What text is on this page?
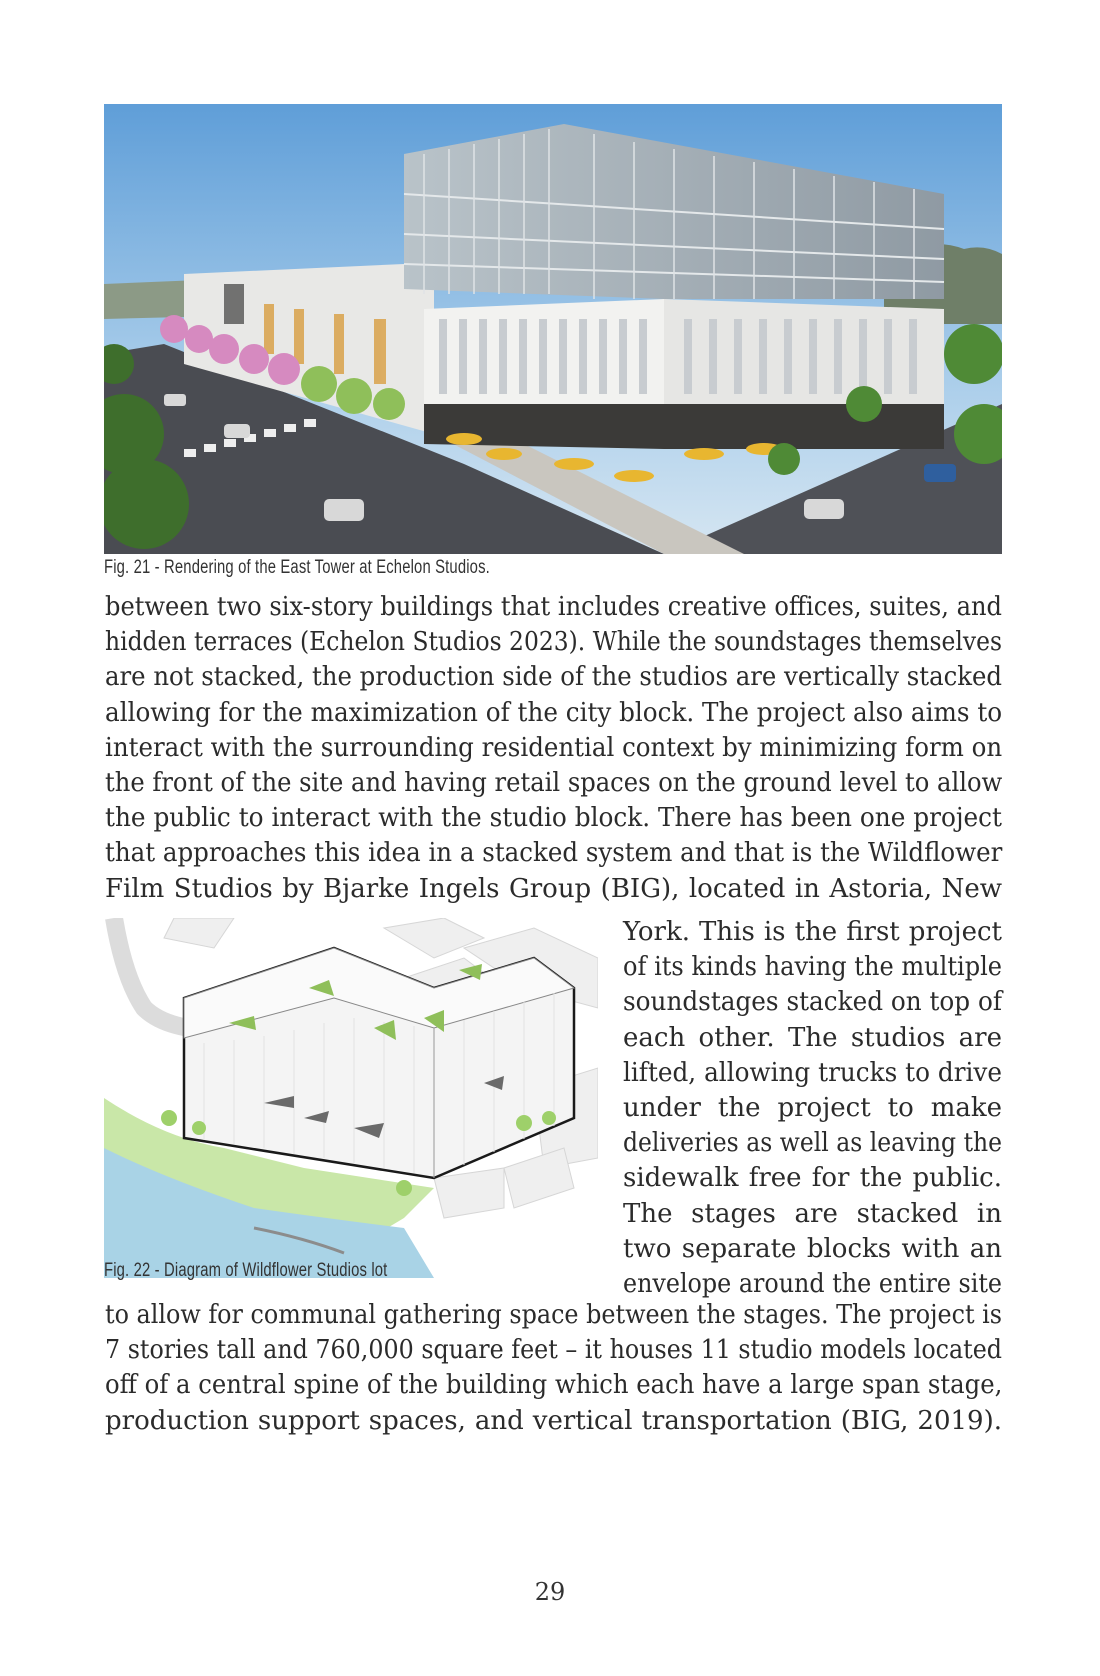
Fig. 21 - Rendering of the East Tower at Echelon Studios.
between two six-story buildings that includes creative offices, suites, and
hidden terraces (Echelon Studios 2023). While the soundstages themselves
are not stacked, the production side of the studios are vertically stacked
allowing for the maximization of the city block. The project also aims to
interact with the surrounding residential context by minimizing form on
the front of the site and having retail spaces on the ground level to allow
the public to interact with the studio block. There has been one project
that approaches this idea in a stacked system and that is the Wildflower
Film Studios by Bjarke Ingels Group (BIG), located in Astoria, New
Fig. 22 - Diagram of Wildflower Studios lot
York. This is the first project
of its kinds having the multiple
soundstages stacked on top of
each other. The studios are
lifted, allowing trucks to drive
under the project to make
deliveries as well as leaving the
sidewalk free for the public.
The stages are stacked in
two separate blocks with an
envelope around the entire site
to allow for communal gathering space between the stages. The project is
7 stories tall and 760,000 square feet – it houses 11 studio models located
off of a central spine of the building which each have a large span stage,
production support spaces, and vertical transportation (BIG, 2019).
29
